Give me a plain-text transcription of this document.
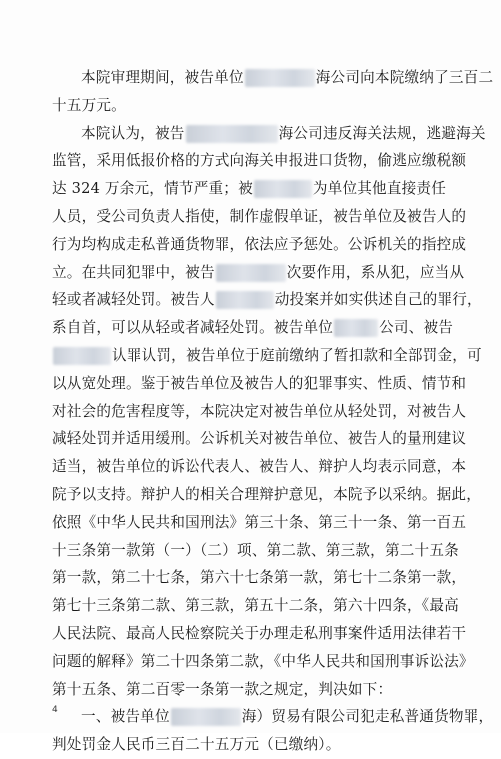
本院审理期间，被告单位	海公司向本院缴纳了三百二
十五万元。
本院认为，被告	海公司违反海关法规，逃避海关
监管，采用低报价格的方式向海关申报进口货物，偷逃应缴税额
达 324 万余元，情节严重；被	为单位其他直接责任
人员，受公司负责人指使，制作虚假单证，被告单位及被告人的
行为均构成走私普通货物罪，依法应予惩处。公诉机关的指控成
立。在共同犯罪中，被告	次要作用，系从犯，应当从
轻或者减轻处罚。被告人	动投案并如实供述自己的罪行，
系自首，可以从轻或者减轻处罚。被告单位	公司、被告
认罪认罚，被告单位于庭前缴纳了暂扣款和全部罚金，可
以从宽处理。鉴于被告单位及被告人的犯罪事实、性质、情节和
对社会的危害程度等，本院决定对被告单位从轻处罚，对被告人
减轻处罚并适用缓刑。公诉机关对被告单位、被告人的量刑建议
适当，被告单位的诉讼代表人、被告人、辩护人均表示同意，本
院予以支持。辩护人的相关合理辩护意见，本院予以采纳。据此，
依照《中华人民共和国刑法》第三十条、第三十一条、第一百五
十三条第一款第（一）（二）项、第二款、第三款，第二十五条
第一款，第二十七条，第六十七条第一款，第七十二条第一款，
第七十三条第二款、第三款，第五十二条，第六十四条，《最高
人民法院、最高人民检察院关于办理走私刑事案件适用法律若干
问题的解释》第二十四条第二款，《中华人民共和国刑事诉讼法》
第十五条、第二百零一条第一款之规定，判决如下：
一、被告单位	海）贸易有限公司犯走私普通货物罪，
判处罚金人民币三百二十五万元（已缴纳）。
4
